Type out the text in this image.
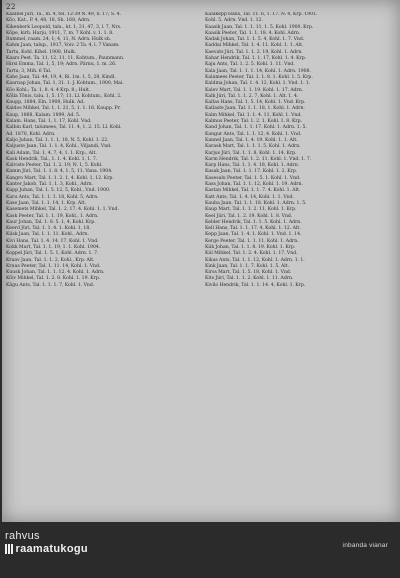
22
Kaalbel Jüri, Ta., m. 4, tel. 12-39 N. 49, n. 17; S. 4.
Kõo, Kat., P. 4, 48, 18, Sh. 168, Adrn.
Kikenberk Leopold, talu., kt. 1, 31, 47, 3, l. 7, Nrs.
Kõpe, kirh. Harju, 1911, 7, m. 7 Kohl. v. 1. 1. 8.
Rummel, raam. 24, 1; 4, 11, N. Adrn. Hulk sh.
Kahm Jaan, talup., 1917, Voiv. 2 Ta. 4, l. 7 Vanam.
Tartu, Kohl. Kihel. 1908, Hulk.
Kaars Peet. Ta. 11, 12. 11, 11. Kohtum., Paunmann.
Hirsi Emma, Tal. 1, 5, 19; Adrn. Pärnu, 1. m. 26.
Tartu; 3, Mih. 6 Tal.
Kahe Jaan, Tal. 44, 19, 4, Ri. 1m. 1, 5, 28, Kindl.
Kaarnap Johan, Tal. 1, 31. 1. J. Kohtum., 1900, Mai.
Kõo Kohl.; Ta. 1, 8. 4. 4 Krp. 8.; Hult.
Kõlla Tõnis, talu. 1, 5. 17; 11. Ll. Kohtum., Kohl. 2.
Kaupp, 1884, Eln. 1908, Hulk. Ad.
Kaldos Mihkel, Tal. 1, 1. 21, 5, 1. 1. 16, Kaupp. Pr.
Kaup, 1868, Kalam. 1899, Ad. 5.
Kalam. Hans, Tal. 1, 1. 17, Kohl. Vnd.
Kalbin Karl, talumees, Tal. 11. 4, 1. 2. 15. Ll. Kohl.
Ad. 1870, Kohl. Adrn.
Kaljo Juhan, Tal. 1. 1. 1, 18, N. 5, Kohl. 1. 22.
Kaljuste Jaan, Tal. 1. 1. 4, Kohl., Viljandi, Vnd.
Kali Adam, Tal. 1, 4. 7, 4, 1. 1. Krp., Alt.
Kask Hendrik, Tal., 1. 1. 4. Kohl. 1, 1. 7.
Kalviste Peeter, Tal. 1. 2. 19; N. 1, 5. Kohl.
Kamm Jüri, Tal. 1. 1. 8. 4, 1. 5, 11. Vana. 1904.
Kangro Mart, Tal. 1. 1. 2. 1, 4. Kohl. 1, 12. Krp.
Kanter Jakob, Tal. 1. 1. 3, Kohl., Adrn.
Kapp Juhan, Tal. 1. 5. 12, 5, Kohl., Vnd. 1900.
Karu Ants, Tal. 1. 1. 1. 18, Kohl. 5, Adrn.
Kase Jaan, Tal. 1. 1. 14, 1. Krp. Alt.
Kasemets Mihkel, Tal. 1. 2. 17. 4. Kohl. 1. 1. Vnd.
Kask Peeter, Tal. 1. 1. 19, Kohl., 1. Adrn.
Kaur Johan, Tal. 1. 8. 5. 1, 4, Kohl. Krp.
Keerd Jüri, Tal. 1. 1. 4. 1. Kohl. 1, 18.
Kiisk Jaan, Tal. 1. 1. 11. Kohl., Adrn.
Kivi Hans, Tal. 1. 4. 14. 17, Kohl. 1. Vnd.
Kokk Mart, Tal. 1. 1. 19, 1. 1. Kohl. 1904.
Koppel Jüri, Tal. 1. 5. 1, Kohl. Adrn. 1. 7.
Kraav Jaan, Tal. 1. 1. 2, Kohl., Krp. Alt.
Kruus Peeter, Tal. 1. 11. 14, Kohl. 1. Vnd.
Kuusk Johan, Tal. 1. 1. 12, 4. Kohl. 1. Adrn.
Kõiv Mihkel, Tal. 1. 2. 8. Kohl. 1. 19. Krp.
Kägu Ants, Tal. 1. 1. 1. 7, Kohl. 1. Vnd.
Kaalkepp Hans, Tal. 11. 6, 1. 17. N. 4, Krp. 1901.
Kohl. 5, Adrn. Vnd. 1. 12.
Kaasik Jaan, Tal. 1. 1. 11, 1. 5, Kohl. 1900. Krp.
Kaasik Peeter, Tal. 1. 1. 18. 4. Kohl. Adrn.
Kadak Johan, Tal. 1. 1. 5. 4, Kohl. 1. 7. Vnd.
Kaddai Mihkel, Tal. 1. 4. 11. Kohl. 1. 1. Alt.
Kaevats Jüri, Tal. 1. 1. 2. 19, Kohl. 1. Adrn.
Kahar Hendrik, Tal. 1. 1. 17, Kohl. 1. 4. Krp.
Kaju Ants, Tal. 1. 2. 5. Kohl. 1. 11. Vnd.
Kala Jaan, Tal. 1. 1. 1. 14, Kohl. 1. Adrn. 1908.
Kalamees Peeter, Tal. 1. 1. 8. 1. Kohl. 1. 5. Krp.
Kaldma Johan, Tal. 1. 4. 12, Kohl. 1. Vnd. 1. 1.
Kalev Mart, Tal. 1. 1. 19. Kohl. 1. 17. Adrn.
Kalk Jüri, Tal. 1. 1. 2. 7, Kohl. 1. Alt. 1. 4.
Kallas Hans, Tal. 1. 5. 14, Kohl. 1. Vnd. Krp.
Kallaste Jaan, Tal. 1. 1. 18, 1. Kohl. 1. Adrn.
Kalm Mihkel, Tal. 1. 1. 4. 11, Kohl. 1. Vnd.
Kalmus Peeter, Tal. 1. 2. 1, Kohl. 1. 8. Krp.
Kand Johan, Tal. 1. 1. 17. Kohl. 1. Adrn. 1. 5.
Kangur Ants, Tal. 1. 1. 12, 4. Kohl. 1. Vnd.
Kannel Jaan, Tal. 1. 4. 19. Kohl. 1. 1. Alt.
Karask Mart, Tal. 1. 1. 1. 5, Kohl. 1. Adrn.
Karjus Jüri, Tal. 1. 1. 8, Kohl. 1. 14. Krp.
Karm Hendrik, Tal. 1. 2. 11. Kohl. 1. Vnd. 1. 7.
Karp Hans, Tal. 1. 1. 4. 18, Kohl. 1. Adrn.
Kasak Jaan, Tal. 1. 1. 17. Kohl. 1. 2. Krp.
Kasesalu Peeter, Tal. 1. 5. 1. Kohl. 1. Vnd.
Kass Johan, Tal. 1. 1. 12, Kohl. 1. 19. Adrn.
Kastan Mihkel, Tal. 1. 1. 7. 4. Kohl. 1. Alt.
Katt Ants, Tal. 1. 4. 14, Kohl. 1. 1. Vnd.
Kauba Jaan, Tal. 1. 1. 18. Kohl. 1. Adrn. 1. 5.
Kaup Mart, Tal. 1. 1. 2. 11, Kohl. 1. Krp.
Keel Jüri, Tal. 1. 2. 19. Kohl. 1. 8. Vnd.
Kelder Hendrik, Tal. 1. 1. 5. Kohl. 1. Adrn.
Kell Hans, Tal. 1. 1. 17. 4, Kohl. 1. 12. Alt.
Kepp Jaan, Tal. 1. 4. 1. Kohl. 1. Vnd. 1. 14.
Kerge Peeter, Tal. 1. 1. 11, Kohl. 1. Adrn.
Kiik Johan, Tal. 1. 1. 8. 19. Kohl. 1. Krp.
Kiil Mihkel, Tal. 1. 2. 4. Kohl. 1. 17. Vnd.
Kikas Ants, Tal. 1. 1. 12, Kohl. 1. Adrn. 1. 1.
Kink Jaan, Tal. 1. 1. 7. Kohl. 1. 5. Alt.
Kirss Mart, Tal. 1. 5. 18, Kohl. 1. Vnd.
Kits Jüri, Tal. 1. 1. 2. Kohl. 1. 11. Adrn.
Kivilo Hendrik, Tal. 1. 1. 14. 4, Kohl. 1. Krp.
rahvus
raamatukogu	inbanda vianar
